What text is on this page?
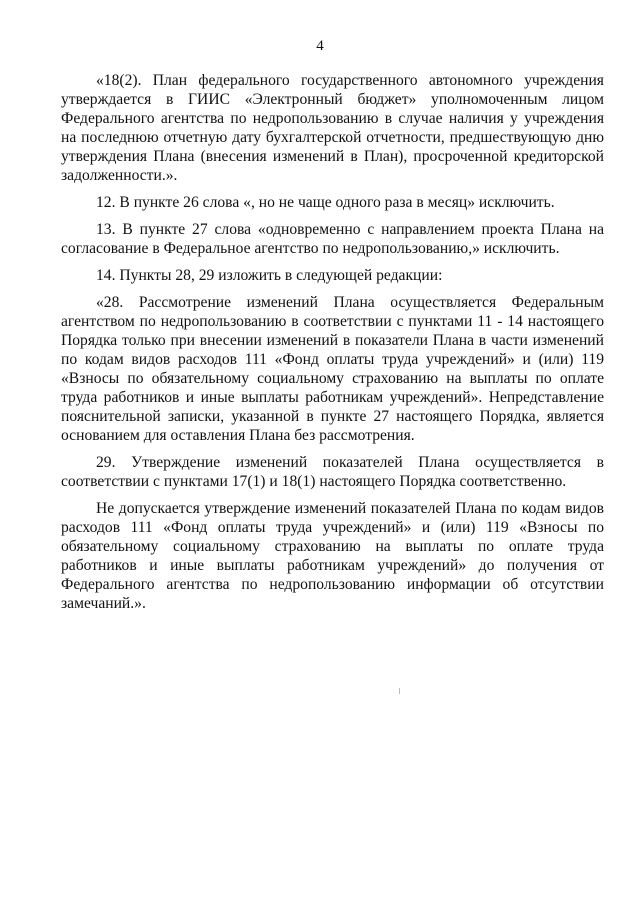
4

«18(2). План федерального государственного автономного учреждения утверждается в ГИИС «Электронный бюджет» уполномоченным лицом Федерального агентства по недропользованию в случае наличия у учреждения на последнюю отчетную дату бухгалтерской отчетности, предшествующую дню утверждения Плана (внесения изменений в План), просроченной кредиторской задолженности.».

12. В пункте 26 слова «, но не чаще одного раза в месяц» исключить.

13. В пункте 27 слова «одновременно с направлением проекта Плана на согласование в Федеральное агентство по недропользованию,» исключить.

14. Пункты 28, 29 изложить в следующей редакции:

«28. Рассмотрение изменений Плана осуществляется Федеральным агентством по недропользованию в соответствии с пунктами 11 - 14 настоящего Порядка только при внесении изменений в показатели Плана в части изменений по кодам видов расходов 111 «Фонд оплаты труда учреждений» и (или) 119 «Взносы по обязательному социальному страхованию на выплаты по оплате труда работников и иные выплаты работникам учреждений». Непредставление пояснительной записки, указанной в пункте 27 настоящего Порядка, является основанием для оставления Плана без рассмотрения.

29. Утверждение изменений показателей Плана осуществляется в соответствии с пунктами 17(1) и 18(1) настоящего Порядка соответственно.

Не допускается утверждение изменений показателей Плана по кодам видов расходов 111 «Фонд оплаты труда учреждений» и (или) 119 «Взносы по обязательному социальному страхованию на выплаты по оплате труда работников и иные выплаты работникам учреждений» до получения от Федерального агентства по недропользованию информации об отсутствии замечаний.».
